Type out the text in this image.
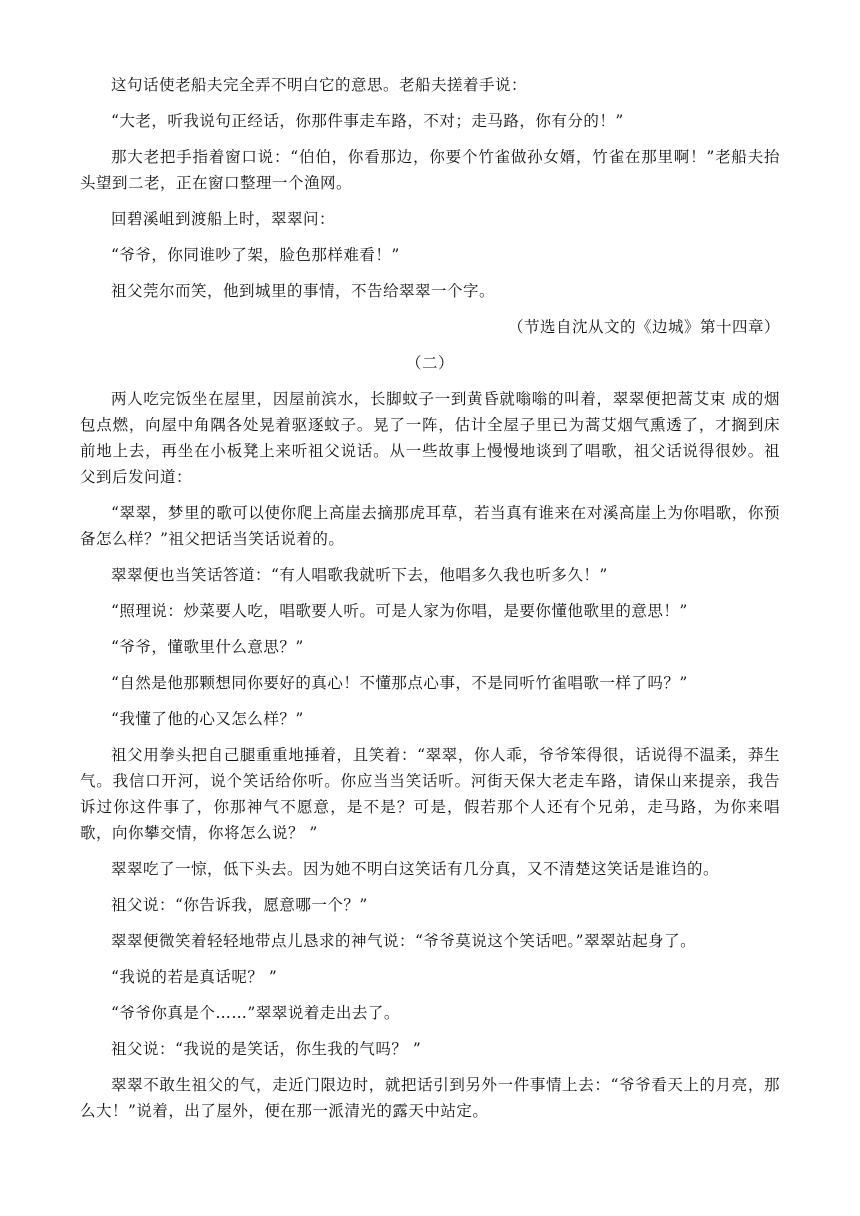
这句话使老船夫完全弄不明白它的意思。老船夫搓着手说：

“大老，听我说句正经话，你那件事走车路，不对；走马路，你有分的！”

那大老把手指着窗口说：“伯伯，你看那边，你要个竹雀做孙女婿，竹雀在那里啊！”老船夫抬头望到二老，正在窗口整理一个渔网。

回碧溪岨到渡船上时，翠翠问：

“爷爷，你同谁吵了架，脸色那样难看！”

祖父莞尔而笑，他到城里的事情，不告给翠翠一个字。

（节选自沈从文的《边城》第十四章）

（二）

两人吃完饭坐在屋里，因屋前滨水，长脚蚊子一到黄昏就嗡嗡的叫着，翠翠便把蒿艾束 成的烟包点燃，向屋中角隅各处晃着驱逐蚊子。晃了一阵，估计全屋子里已为蒿艾烟气熏透了，才搁到床前地上去，再坐在小板凳上来听祖父说话。从一些故事上慢慢地谈到了唱歌，祖父话说得很妙。祖父到后发问道：

“翠翠，梦里的歌可以使你爬上高崖去摘那虎耳草，若当真有谁来在对溪高崖上为你唱歌，你预备怎么样？”祖父把话当笑话说着的。

翠翠便也当笑话答道：“有人唱歌我就听下去，他唱多久我也听多久！”

“照理说：炒菜要人吃，唱歌要人听。可是人家为你唱，是要你懂他歌里的意思！”

“爷爷，懂歌里什么意思？”

“自然是他那颗想同你要好的真心！不懂那点心事，不是同听竹雀唱歌一样了吗？”

“我懂了他的心又怎么样？”

祖父用拳头把自己腿重重地捶着，且笑着：“翠翠，你人乖，爷爷笨得很，话说得不温柔，莽生气。我信口开河，说个笑话给你听。你应当当笑话听。河街天保大老走车路，请保山来提亲，我告诉过你这件事了，你那神气不愿意，是不是？可是，假若那个人还有个兄弟，走马路，为你来唱歌，向你攀交情，你将怎么说？ ”

翠翠吃了一惊，低下头去。因为她不明白这笑话有几分真，又不清楚这笑话是谁诌的。

祖父说：“你告诉我，愿意哪一个？”

翠翠便微笑着轻轻地带点儿恳求的神气说：“爷爷莫说这个笑话吧。”翠翠站起身了。

“我说的若是真话呢？ ”

“爷爷你真是个……”翠翠说着走出去了。

祖父说：“我说的是笑话，你生我的气吗？ ”

翠翠不敢生祖父的气，走近门限边时，就把话引到另外一件事情上去：“爷爷看天上的月亮，那么大！”说着，出了屋外，便在那一派清光的露天中站定。
